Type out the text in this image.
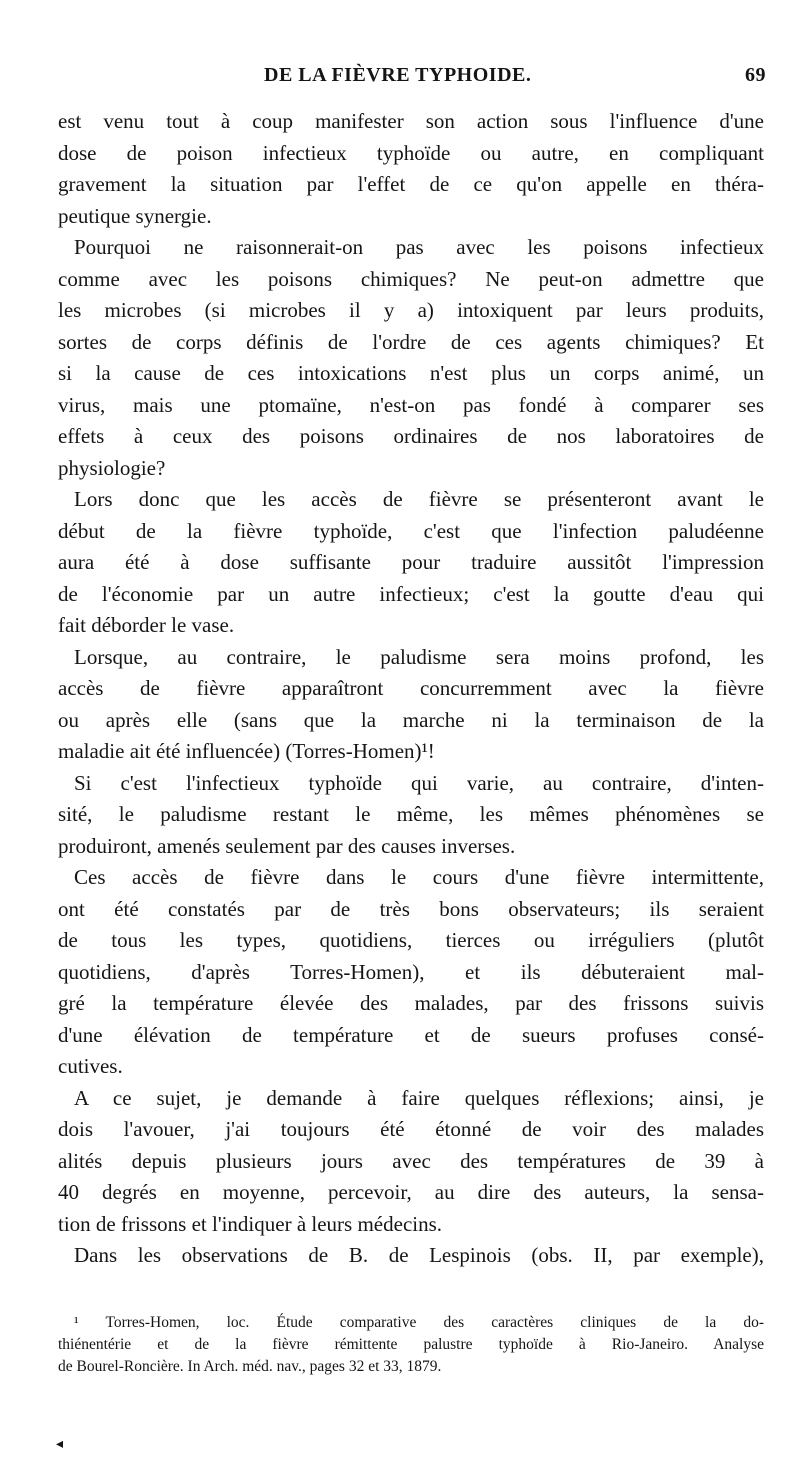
DE LA FIÈVRE TYPHOIDE.	69
est venu tout à coup manifester son action sous l'influence d'une
dose de poison infectieux typhoïde ou autre, en compliquant
gravement la situation par l'effet de ce qu'on appelle en théra-
peutique synergie.
Pourquoi ne raisonnerait-on pas avec les poisons infectieux
comme avec les poisons chimiques? Ne peut-on admettre que
les microbes (si microbes il y a) intoxiquent par leurs produits,
sortes de corps définis de l'ordre de ces agents chimiques? Et
si la cause de ces intoxications n'est plus un corps animé, un
virus, mais une ptomaïne, n'est-on pas fondé à comparer ses
effets à ceux des poisons ordinaires de nos laboratoires de
physiologie?
Lors donc que les accès de fièvre se présenteront avant le
début de la fièvre typhoïde, c'est que l'infection paludéenne
aura été à dose suffisante pour traduire aussitôt l'impression
de l'économie par un autre infectieux; c'est la goutte d'eau qui
fait déborder le vase.
Lorsque, au contraire, le paludisme sera moins profond, les
accès de fièvre apparaîtront concurremment avec la fièvre
ou après elle (sans que la marche ni la terminaison de la
maladie ait été influencée) (Torres-Homen)¹!
Si c'est l'infectieux typhoïde qui varie, au contraire, d'inten-
sité, le paludisme restant le même, les mêmes phénomènes se
produiront, amenés seulement par des causes inverses.
Ces accès de fièvre dans le cours d'une fièvre intermittente,
ont été constatés par de très bons observateurs; ils seraient
de tous les types, quotidiens, tierces ou irréguliers (plutôt
quotidiens, d'après Torres-Homen), et ils débuteraient mal-
gré la température élevée des malades, par des frissons suivis
d'une élévation de température et de sueurs profuses consé-
cutives.
A ce sujet, je demande à faire quelques réflexions; ainsi, je
dois l'avouer, j'ai toujours été étonné de voir des malades
alités depuis plusieurs jours avec des températures de 39 à
40 degrés en moyenne, percevoir, au dire des auteurs, la sensa-
tion de frissons et l'indiquer à leurs médecins.
Dans les observations de B. de Lespinois (obs. II, par exemple),
¹ Torres-Homen, loc. Étude comparative des caractères cliniques de la do-
thiénentérie et de la fièvre rémittente palustre typhoïde à Rio-Janeiro. Analyse
de Bourel-Roncière. In Arch. méd. nav., pages 32 et 33, 1879.
◂
